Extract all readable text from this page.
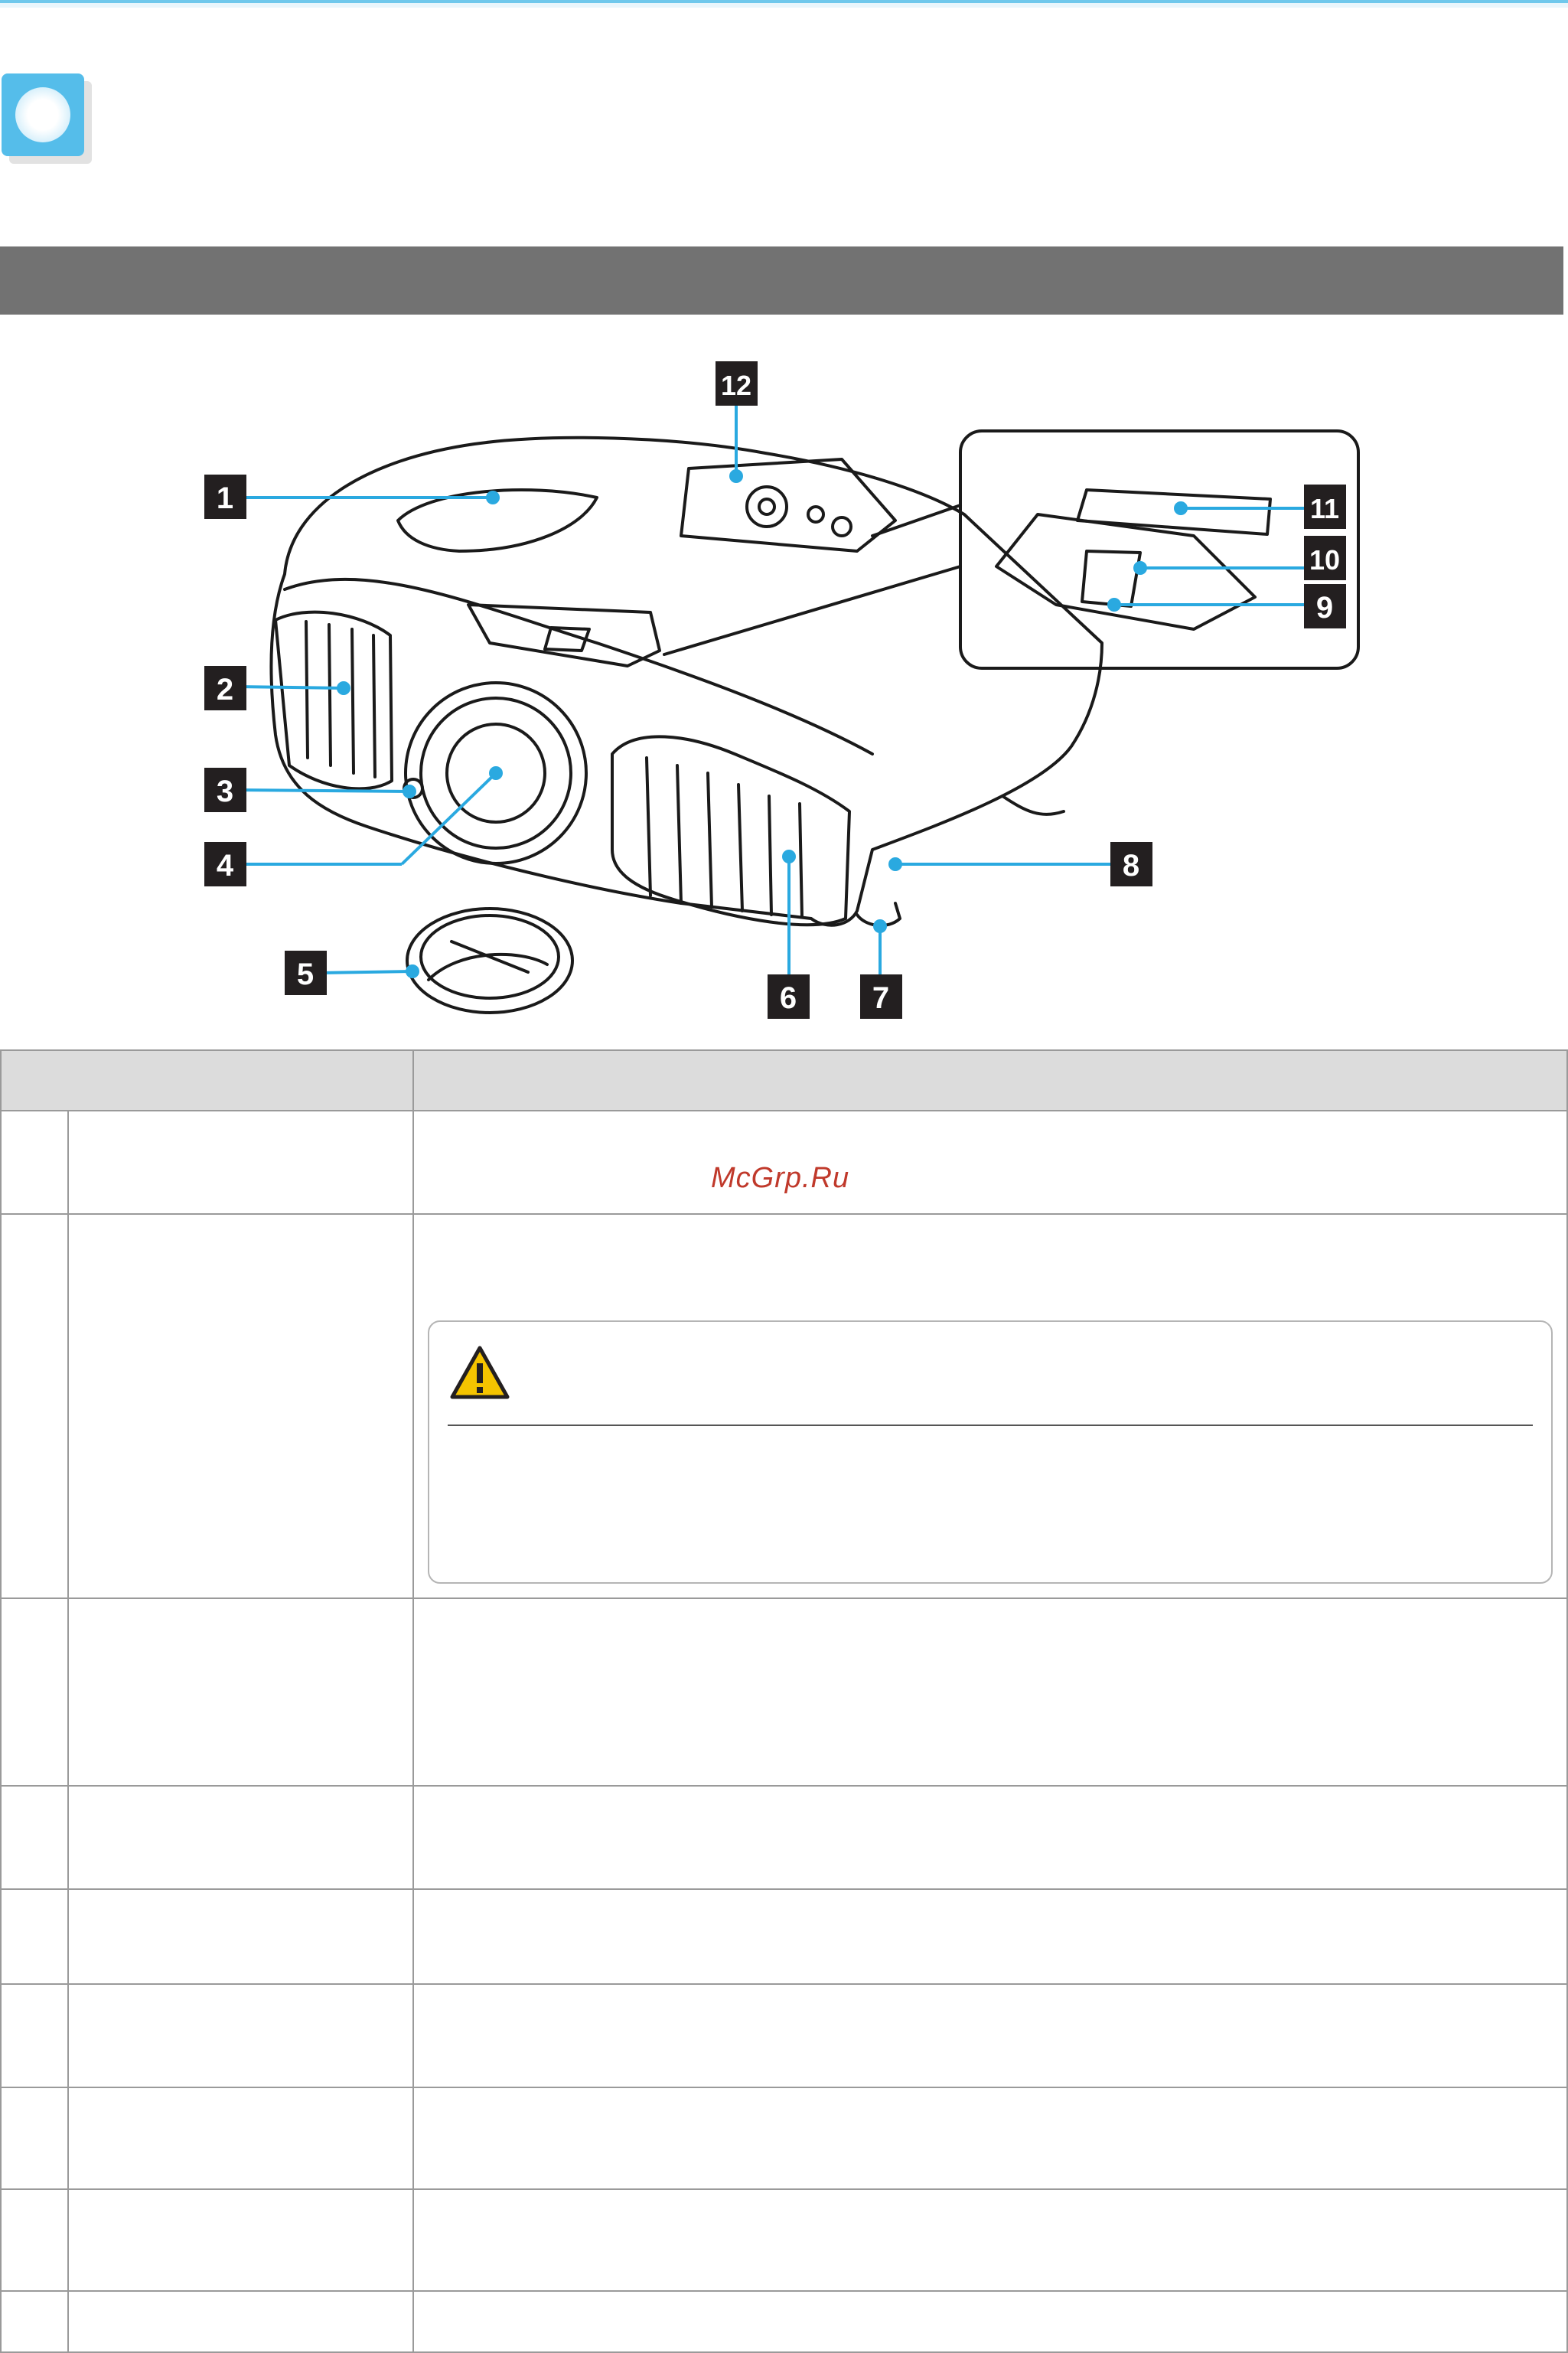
1
2
3
4
5
6 7
8
9
10
11
12

		McGrp.Ru
